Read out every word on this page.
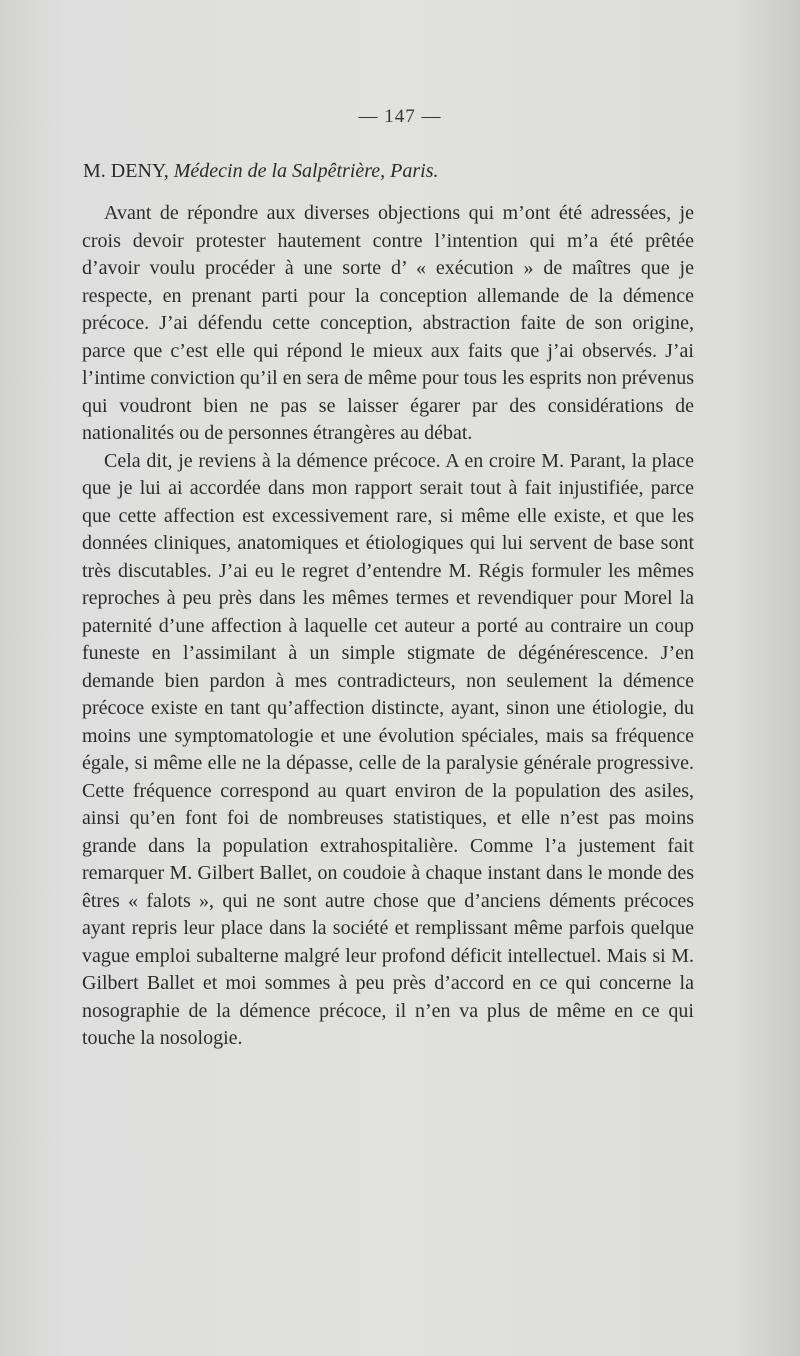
— 147 —
M. DENY, Médecin de la Salpêtrière, Paris.

Avant de répondre aux diverses objections qui m’ont été adressées, je crois devoir protester hautement contre l’intention qui m’a été prêtée d’avoir voulu procéder à une sorte d’ « exécution » de maîtres que je respecte, en prenant parti pour la conception allemande de la démence précoce. J’ai défendu cette conception, abstraction faite de son origine, parce que c’est elle qui répond le mieux aux faits que j’ai observés. J’ai l’intime conviction qu’il en sera de même pour tous les esprits non prévenus qui voudront bien ne pas se laisser égarer par des considérations de nationalités ou de personnes étrangères au débat.

Cela dit, je reviens à la démence précoce. A en croire M. Parant, la place que je lui ai accordée dans mon rapport serait tout à fait injustifiée, parce que cette affection est excessivement rare, si même elle existe, et que les données cliniques, anatomiques et étiologiques qui lui servent de base sont très discutables. J’ai eu le regret d’entendre M. Régis formuler les mêmes reproches à peu près dans les mêmes termes et revendiquer pour Morel la paternité d’une affection à laquelle cet auteur a porté au contraire un coup funeste en l’assimilant à un simple stigmate de dégénérescence. J’en demande bien pardon à mes contradicteurs, non seulement la démence précoce existe en tant qu’affection distincte, ayant, sinon une étiologie, du moins une symptomatologie et une évolution spéciales, mais sa fréquence égale, si même elle ne la dépasse, celle de la paralysie générale progressive. Cette fréquence correspond au quart environ de la population des asiles, ainsi qu’en font foi de nombreuses statistiques, et elle n’est pas moins grande dans la population extrahospitalière. Comme l’a justement fait remarquer M. Gilbert Ballet, on coudoie à chaque instant dans le monde des êtres « falots », qui ne sont autre chose que d’anciens déments précoces ayant repris leur place dans la société et remplissant même parfois quelque vague emploi subalterne malgré leur profond déficit intellectuel. Mais si M. Gilbert Ballet et moi sommes à peu près d’accord en ce qui concerne la nosographie de la démence précoce, il n’en va plus de même en ce qui touche la nosologie.
